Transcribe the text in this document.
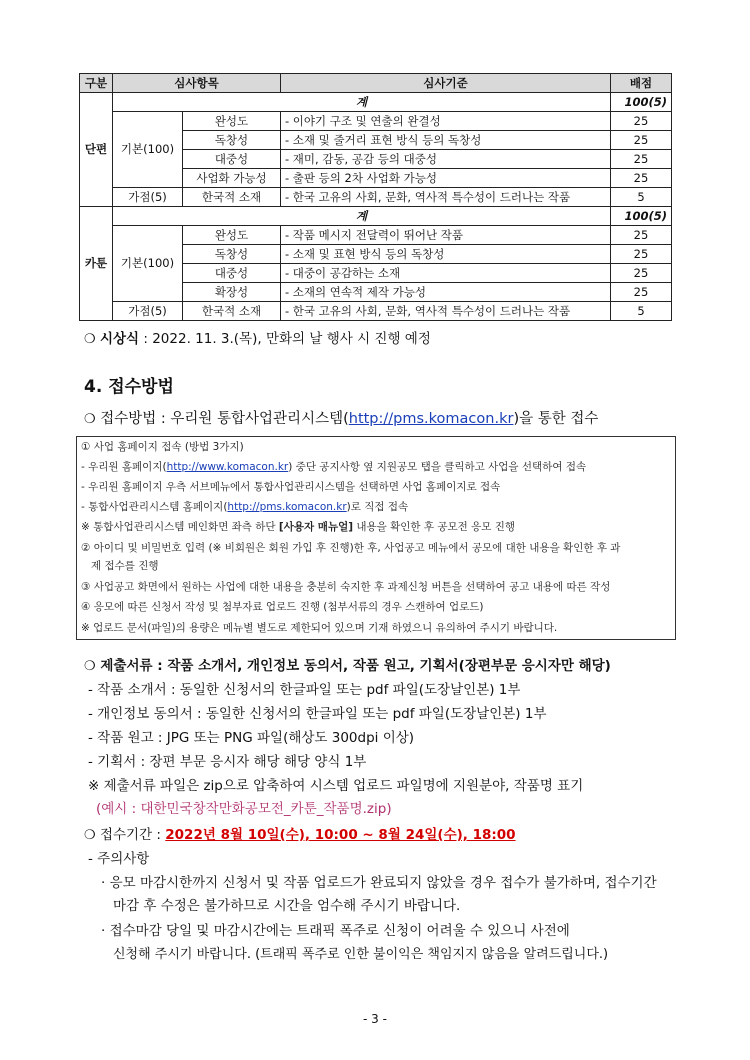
구분	심사항목		심사기준	배점
단편	계			100(5)
	기본(100)	완성도	- 이야기 구조 및 연출의 완결성	25
		독창성	- 소재 및 줄거리 표현 방식 등의 독창성	25
		대중성	- 재미, 감동, 공감 등의 대중성	25
		사업화 가능성	- 출판 등의 2차 사업화 가능성	25
	가점(5)	한국적 소재	- 한국 고유의 사회, 문화, 역사적 특수성이 드러나는 작품	5
카툰	계			100(5)
	기본(100)	완성도	- 작품 메시지 전달력이 뛰어난 작품	25
		독창성	- 소재 및 표현 방식 등의 독창성	25
		대중성	- 대중이 공감하는 소재	25
		확장성	- 소재의 연속적 제작 가능성	25
	가점(5)	한국적 소재	- 한국 고유의 사회, 문화, 역사적 특수성이 드러나는 작품	5
❍ 시상식 : 2022. 11. 3.(목), 만화의 날 행사 시 진행 예정
4. 접수방법
❍ 접수방법 : 우리원 통합사업관리시스템(http://pms.komacon.kr)을 통한 접수
① 사업 홈페이지 접속 (방법 3가지)
- 우리원 홈페이지(http://www.komacon.kr) 중단 공지사항 옆 지원공모 탭을 클릭하고 사업을 선택하여 접속
- 우리원 홈페이지 우측 서브메뉴에서 통합사업관리시스템을 선택하면 사업 홈페이지로 접속
- 통합사업관리시스템 홈페이지(http://pms.komacon.kr)로 직접 접속
※ 통합사업관리시스템 메인화면 좌측 하단 [사용자 매뉴얼] 내용을 확인한 후 공모전 응모 진행
② 아이디 및 비밀번호 입력 (※ 비회원은 회원 가입 후 진행)한 후, 사업공고 메뉴에서 공모에 대한 내용을 확인한 후 과
제 접수를 진행
③ 사업공고 화면에서 원하는 사업에 대한 내용을 충분히 숙지한 후 과제신청 버튼을 선택하여 공고 내용에 따른 작성
④ 응모에 따른 신청서 작성 및 첨부자료 업로드 진행 (첨부서류의 경우 스캔하여 업로드)
※ 업로드 문서(파일)의 용량은 메뉴별 별도로 제한되어 있으며 기재 하였으니 유의하여 주시기 바랍니다.
❍ 제출서류 : 작품 소개서, 개인정보 동의서, 작품 원고, 기획서(장편부문 응시자만 해당)
- 작품 소개서 : 동일한 신청서의 한글파일 또는 pdf 파일(도장날인본) 1부
- 개인정보 동의서 : 동일한 신청서의 한글파일 또는 pdf 파일(도장날인본) 1부
- 작품 원고 : JPG 또는 PNG 파일(해상도 300dpi 이상)
- 기획서 : 장편 부문 응시자 해당 해당 양식 1부
※ 제출서류 파일은 zip으로 압축하여 시스템 업로드 파일명에 지원분야, 작품명 표기
(예시 : 대한민국창작만화공모전_카툰_작품명.zip)
❍ 접수기간 : 2022년 8월 10일(수), 10:00 ~ 8월 24일(수), 18:00
- 주의사항
· 응모 마감시한까지 신청서 및 작품 업로드가 완료되지 않았을 경우 접수가 불가하며, 접수기간
마감 후 수정은 불가하므로 시간을 엄수해 주시기 바랍니다.
· 접수마감 당일 및 마감시간에는 트래픽 폭주로 신청이 어려울 수 있으니 사전에
신청해 주시기 바랍니다. (트래픽 폭주로 인한 불이익은 책임지지 않음을 알려드립니다.)
- 3 -
